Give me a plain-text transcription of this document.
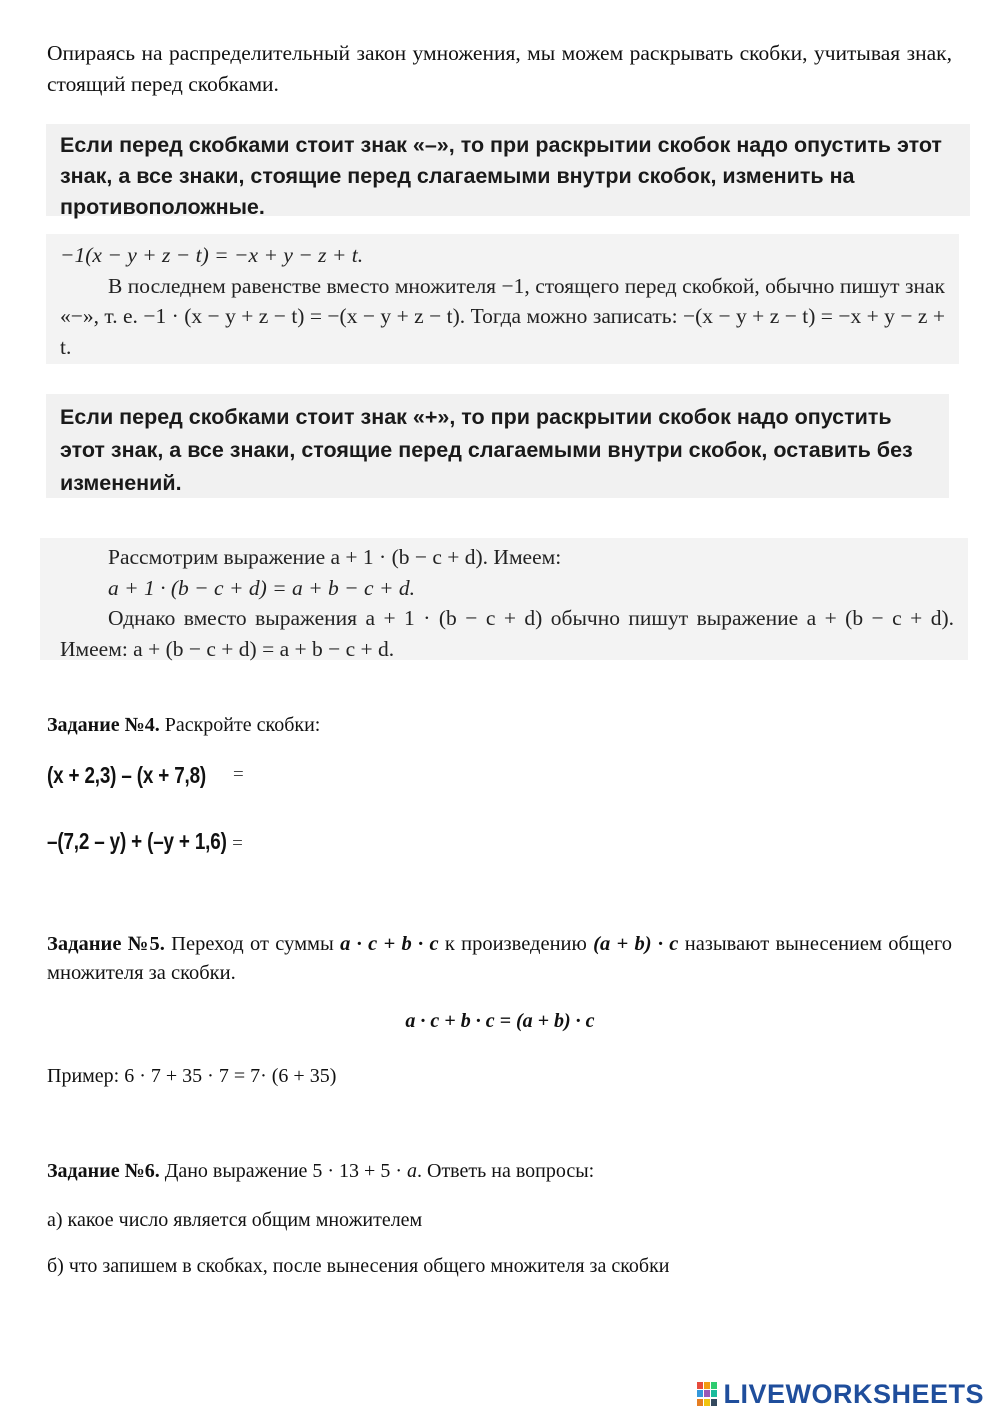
Опираясь на распределительный закон умножения, мы можем раскрывать скобки, учитывая знак, стоящий перед скобками.
Если перед скобками стоит знак «–», то при раскрытии скобок надо опустить этот знак, а все знаки, стоящие перед слагаемыми внутри скобок, изменить на противоположные.
−1(x − y + z − t) = −x + y − z + t.
В последнем равенстве вместо множителя −1, стоящего перед скобкой, обычно пишут знак «−», т. е. −1 · (x − y + z − t) = −(x − y + z − t). Тогда можно записать: −(x − y + z − t) = −x + y − z + t.
Если перед скобками стоит знак «+», то при раскрытии скобок надо опустить этот знак, а все знаки, стоящие перед слагаемыми внутри скобок, оставить без изменений.
Рассмотрим выражение a + 1 · (b − c + d). Имеем:
a + 1 · (b − c + d) = a + b − c + d.
Однако вместо выражения a + 1 · (b − c + d) обычно пишут выражение a + (b − c + d). Имеем: a + (b − c + d) = a + b − c + d.
Задание №4. Раскройте скобки:
(x + 2,3) – (x + 7,8) =
–(7,2 – y) + (–y + 1,6) =
Задание №5. Переход от суммы a · c + b · c к произведению (a + b) · c называют вынесением общего множителя за скобки.
a · c + b · c = (a + b) · c
Пример: 6 · 7 + 35 · 7 = 7· (6 + 35)
Задание №6. Дано выражение 5 · 13 + 5 · a. Ответь на вопросы:
а) какое число является общим множителем
б) что запишем в скобках, после вынесения общего множителя за скобки
LIVEWORKSHEETS
